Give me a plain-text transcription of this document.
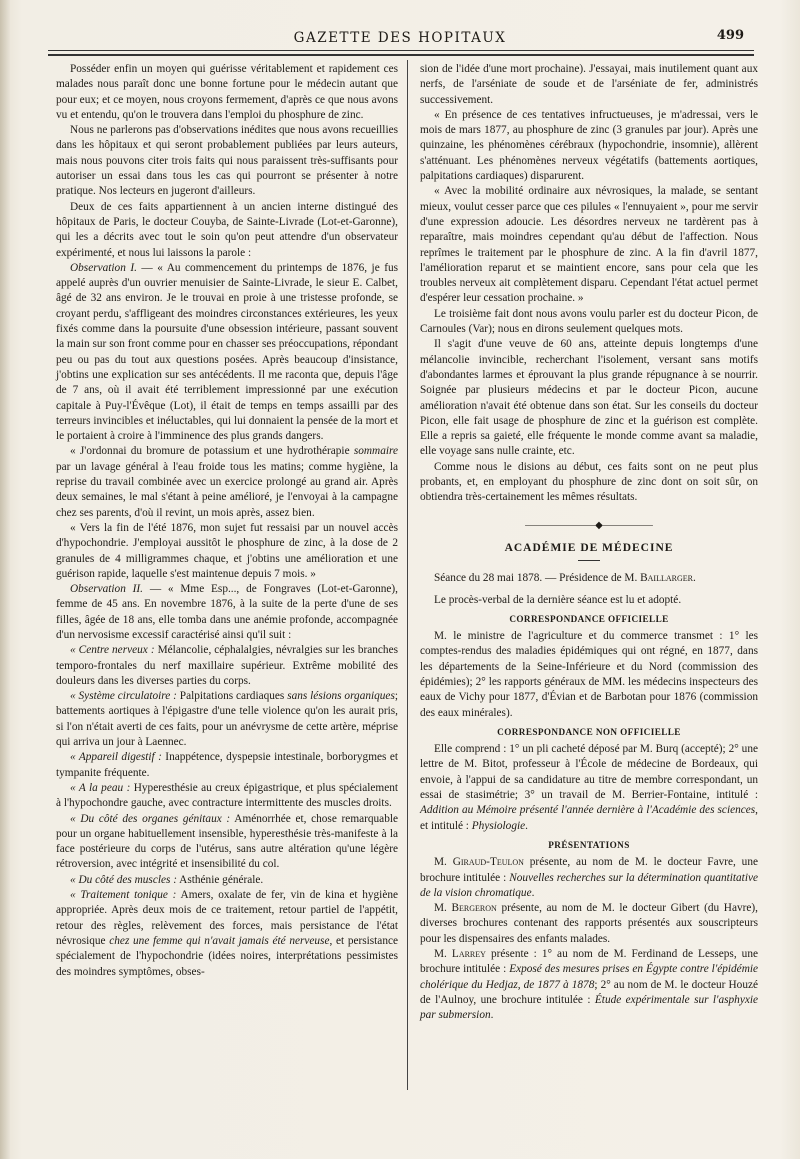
GAZETTE DES HOPITAUX	499

Posséder enfin un moyen qui guérisse véritablement et rapidement ces malades nous paraît donc une bonne fortune pour le médecin autant que pour eux; et ce moyen, nous croyons fermement, d'après ce que nous avons vu et entendu, qu'on le trouvera dans l'emploi du phosphure de zinc.

Nous ne parlerons pas d'observations inédites que nous avons recueillies dans les hôpitaux et qui seront probablement publiées par leurs auteurs, mais nous pouvons citer trois faits qui nous paraissent très-suffisants pour autoriser un essai dans tous les cas qui pourront se présenter à notre pratique. Nos lecteurs en jugeront d'ailleurs.

Deux de ces faits appartiennent à un ancien interne distingué des hôpitaux de Paris, le docteur Couyba, de Sainte-Livrade (Lot-et-Garonne), qui les a décrits avec tout le soin qu'on peut attendre d'un observateur expérimenté, et nous lui laissons la parole :

Observation I. — « Au commencement du printemps de 1876, je fus appelé auprès d'un ouvrier menuisier de Sainte-Livrade, le sieur E. Calbet, âgé de 32 ans environ. Je le trouvai en proie à une tristesse profonde, se croyant perdu, s'affligeant des moindres circonstances extérieures, les yeux fixés comme dans la poursuite d'une obsession intérieure, passant souvent la main sur son front comme pour en chasser ses préoccupations, répondant peu ou pas du tout aux questions posées. Après beaucoup d'insistance, j'obtins une explication sur ses antécédents. Il me raconta que, depuis l'âge de 7 ans, où il avait été terriblement impressionné par une exécution capitale à Puy-l'Évêque (Lot), il était de temps en temps assailli par des terreurs invincibles et inéluctables, qui lui donnaient la pensée de la mort et le portaient à croire à l'imminence des plus grands dangers.

« J'ordonnai du bromure de potassium et une hydrothérapie sommaire par un lavage général à l'eau froide tous les matins; comme hygiène, la reprise du travail combinée avec un exercice prolongé au grand air. Après deux semaines, le mal s'étant à peine amélioré, je l'envoyai à la campagne chez ses parents, d'où il revint, un mois après, assez bien.

« Vers la fin de l'été 1876, mon sujet fut ressaisi par un nouvel accès d'hypochondrie. J'employai aussitôt le phosphure de zinc, à la dose de 2 granules de 4 milligrammes chaque, et j'obtins une amélioration et une guérison rapide, laquelle s'est maintenue depuis 7 mois. »

Observation II. — « Mme Esp..., de Fongraves (Lot-et-Garonne), femme de 45 ans. En novembre 1876, à la suite de la perte d'une de ses filles, âgée de 18 ans, elle tomba dans une anémie profonde, accompagnée d'un nervosisme excessif caractérisé ainsi qu'il suit :

« Centre nerveux : Mélancolie, céphalalgies, névralgies sur les branches temporo-frontales du nerf maxillaire supérieur. Extrême mobilité des douleurs dans les diverses parties du corps.

« Système circulatoire : Palpitations cardiaques sans lésions organiques; battements aortiques à l'épigastre d'une telle violence qu'on les aurait pris, si l'on n'était averti de ces faits, pour un anévrysme de cette artère, méprise qui arriva un jour à Laennec.

« Appareil digestif : Inappétence, dyspepsie intestinale, borborygmes et tympanite fréquente.

« A la peau : Hyperesthésie au creux épigastrique, et plus spécialement à l'hypochondre gauche, avec contracture intermittente des muscles droits.

« Du côté des organes génitaux : Aménorrhée et, chose remarquable pour un organe habituellement insensible, hyperesthésie très-manifeste à la face postérieure du corps de l'utérus, sans autre altération qu'une légère rétroversion, avec intégrité et insensibilité du col.

« Du côté des muscles : Asthénie générale.

« Traitement tonique : Amers, oxalate de fer, vin de kina et hygiène appropriée. Après deux mois de ce traitement, retour partiel de l'appétit, retour des règles, relèvement des forces, mais persistance de l'état névrosique chez une femme qui n'avait jamais été nerveuse, et persistance spécialement de l'hypochondrie (idées noires, interprétations pessimistes des moindres symptômes, obses-

sion de l'idée d'une mort prochaine). J'essayai, mais inutilement quant aux nerfs, de l'arséniate de soude et de l'arséniate de fer, administrés successivement.

« En présence de ces tentatives infructueuses, je m'adressai, vers le mois de mars 1877, au phosphure de zinc (3 granules par jour). Après une quinzaine, les phénomènes cérébraux (hypochondrie, insomnie), allèrent s'atténuant. Les phénomènes nerveux végétatifs (battements aortiques, palpitations cardiaques) disparurent.

« Avec la mobilité ordinaire aux névrosiques, la malade, se sentant mieux, voulut cesser parce que ces pilules « l'ennuyaient », pour me servir d'une expression adoucie. Les désordres nerveux ne tardèrent pas à reparaître, mais moindres cependant qu'au début de l'affection. Nous reprîmes le traitement par le phosphure de zinc. A la fin d'avril 1877, l'amélioration reparut et se maintient encore, sans pour cela que les troubles nerveux ait complètement disparu. Cependant l'état actuel permet d'espérer leur cessation prochaine. »

Le troisième fait dont nous avons voulu parler est du docteur Picon, de Carnoules (Var); nous en dirons seulement quelques mots.

Il s'agit d'une veuve de 60 ans, atteinte depuis longtemps d'une mélancolie invincible, recherchant l'isolement, versant sans motifs d'abondantes larmes et éprouvant la plus grande répugnance à se nourrir. Soignée par plusieurs médecins et par le docteur Picon, aucune amélioration n'avait été obtenue dans son état. Sur les conseils du docteur Picon, elle fait usage de phosphure de zinc et la guérison est complète. Elle a repris sa gaieté, elle fréquente le monde comme avant sa maladie, elle voyage sans nulle crainte, etc.

Comme nous le disions au début, ces faits sont on ne peut plus probants, et, en employant du phosphure de zinc dont on soit sûr, on obtiendra très-certainement les mêmes résultats.

———————◆—————
ACADÉMIE DE MÉDECINE

Séance du 28 mai 1878. — Présidence de M. Baillarger.

Le procès-verbal de la dernière séance est lu et adopté.

CORRESPONDANCE OFFICIELLE

M. le ministre de l'agriculture et du commerce transmet : 1° les comptes-rendus des maladies épidémiques qui ont régné, en 1877, dans les départements de la Seine-Inférieure et du Nord (commission des épidémies); 2° les rapports généraux de MM. les médecins inspecteurs des eaux de Vichy pour 1877, d'Évian et de Barbotan pour 1876 (commission des eaux minérales).

CORRESPONDANCE NON OFFICIELLE

Elle comprend : 1° un pli cacheté déposé par M. Burq (accepté); 2° une lettre de M. Bitot, professeur à l'École de médecine de Bordeaux, qui envoie, à l'appui de sa candidature au titre de membre correspondant, un essai de stasimétrie; 3° un travail de M. Berrier-Fontaine, intitulé : Addition au Mémoire présenté l'année dernière à l'Académie des sciences, et intitulé : Physiologie.

PRÉSENTATIONS

M. Giraud-Teulon présente, au nom de M. le docteur Favre, une brochure intitulée : Nouvelles recherches sur la détermination quantitative de la vision chromatique.

M. Bergeron présente, au nom de M. le docteur Gibert (du Havre), diverses brochures contenant des rapports présentés aux souscripteurs pour les dispensaires des enfants malades.

M. Larrey présente : 1° au nom de M. Ferdinand de Lesseps, une brochure intitulée : Exposé des mesures prises en Égypte contre l'épidémie cholérique du Hedjaz, de 1877 à 1878; 2° au nom de M. le docteur Houzé de l'Aulnoy, une brochure intitulée : Étude expérimentale sur l'asphyxie par submersion.
